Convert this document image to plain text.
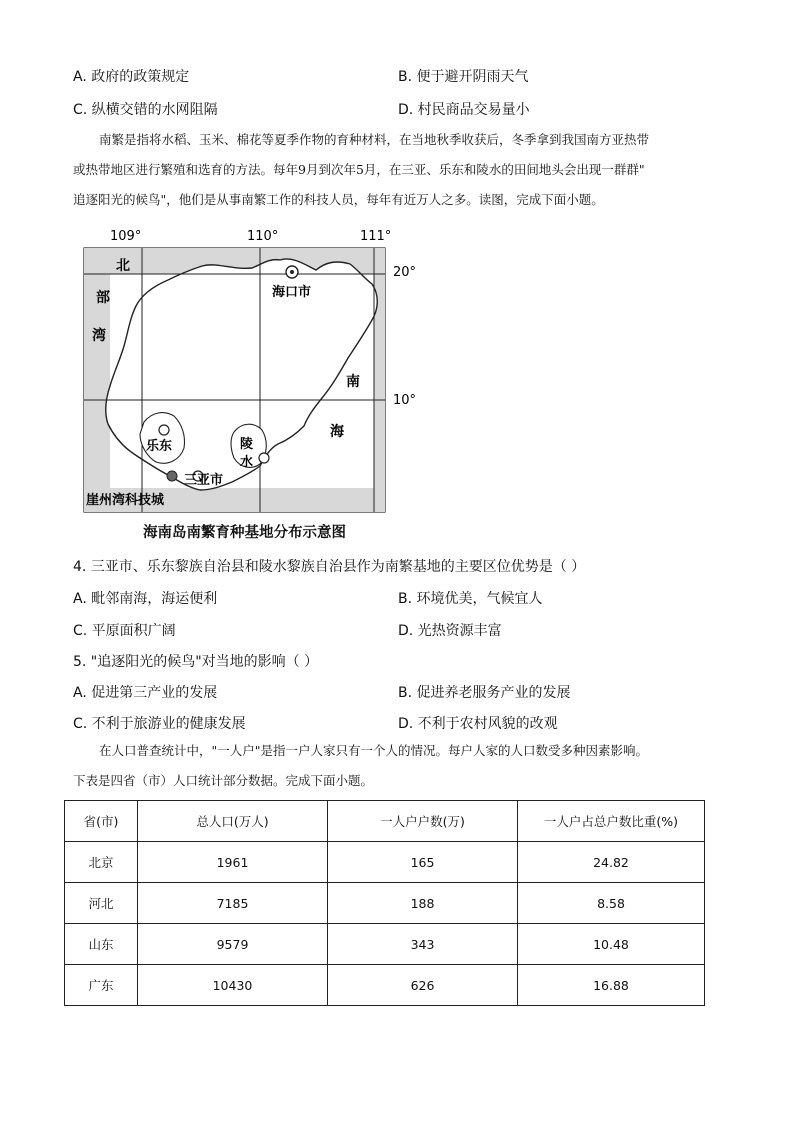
A. 政府的政策规定	B. 便于避开阴雨天气
C. 纵横交错的水网阻隔	D. 村民商品交易量小
南繁是指将水稻、玉米、棉花等夏季作物的育种材料，在当地秋季收获后，冬季拿到我国南方亚热带
或热带地区进行繁殖和选育的方法。每年9月到次年5月，在三亚、乐东和陵水的田间地头会出现一群群"
追逐阳光的候鸟"，他们是从事南繁工作的科技人员，每年有近万人之多。读图，完成下面小题。
109°	110°	111°
20°
10°
北
部
湾
南
海
海口市
乐东	陵
水
三亚市
崖州湾科技城
海南岛南繁育种基地分布示意图
4. 三亚市、乐东黎族自治县和陵水黎族自治县作为南繁基地的主要区位优势是（ ）
A. 毗邻南海，海运便利	B. 环境优美，气候宜人
C. 平原面积广阔	D. 光热资源丰富
5. "追逐阳光的候鸟"对当地的影响（ ）
A. 促进第三产业的发展	B. 促进养老服务产业的发展
C. 不利于旅游业的健康发展	D. 不利于农村风貌的改观
在人口普查统计中，"一人户"是指一户人家只有一个人的情况。每户人家的人口数受多种因素影响。
下表是四省（市）人口统计部分数据。完成下面小题。
省(市)	总人口(万人)	一人户户数(万)	一人户占总户数比重(%)
北京	1961	165	24.82
河北	7185	188	8.58
山东	9579	343	10.48
广东	10430	626	16.88
